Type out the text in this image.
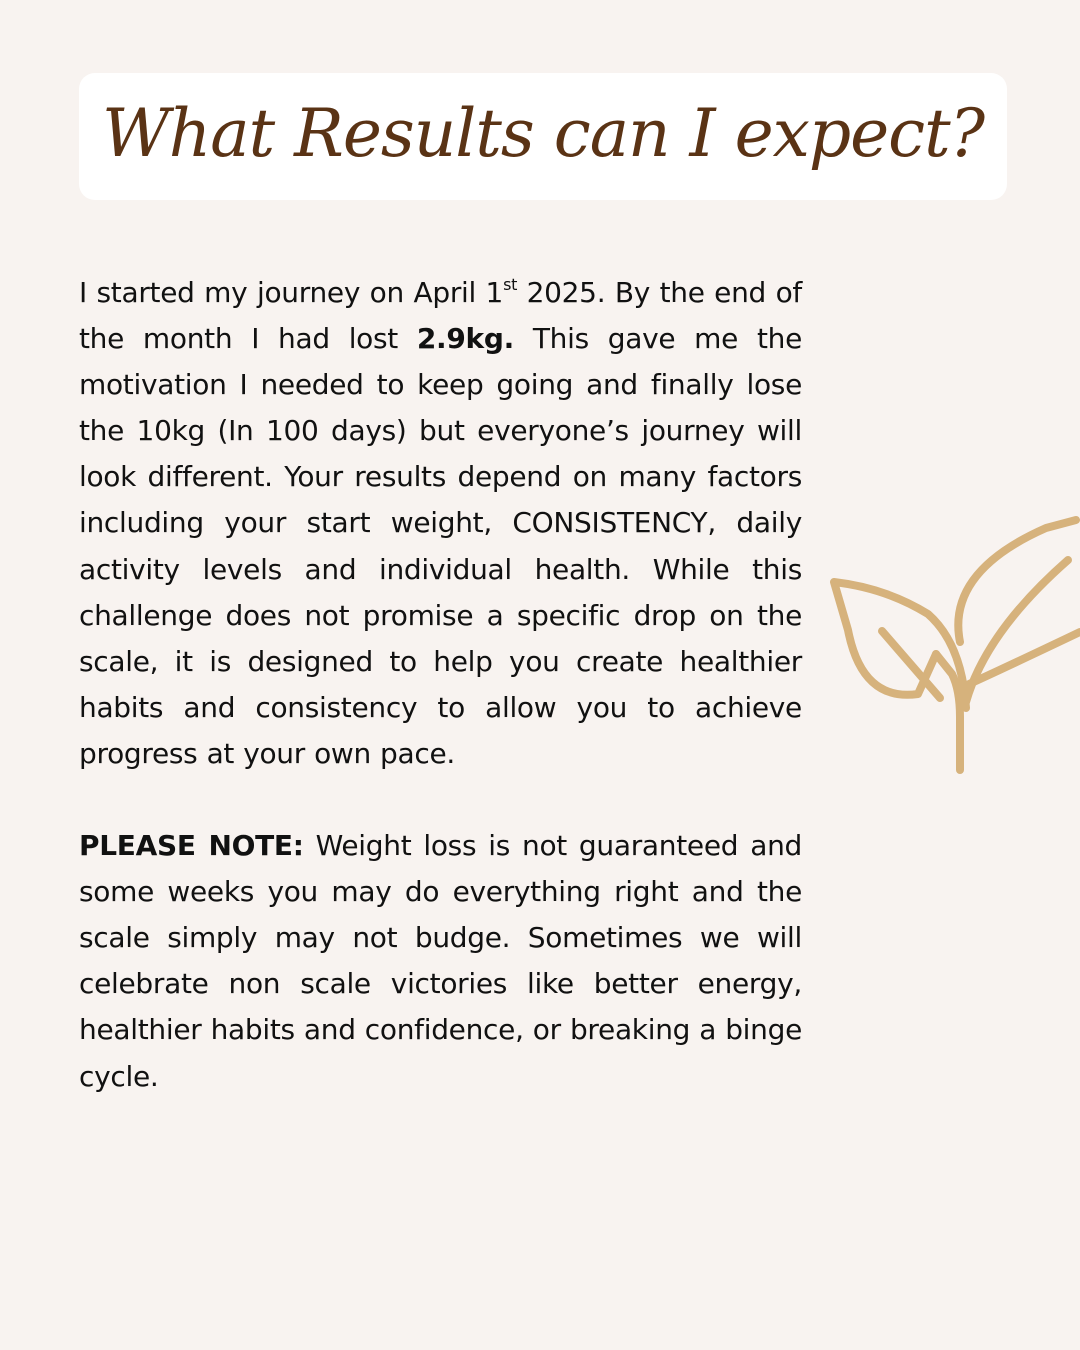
What Results can I expect?

I started my journey on April 1st 2025. By the end of the month I had lost 2.9kg. This gave me the motivation I needed to keep going and finally lose the 10kg (In 100 days) but everyone’s journey will look different. Your results depend on many factors including your start weight, CONSISTENCY, daily activity levels and individual health. While this challenge does not promise a specific drop on the scale, it is designed to help you create healthier habits and consistency to allow you to achieve progress at your own pace.

PLEASE NOTE: Weight loss is not guaranteed and some weeks you may do everything right and the scale simply may not budge. Sometimes we will celebrate non scale victories like better energy, healthier habits and confidence, or breaking a binge cycle.
